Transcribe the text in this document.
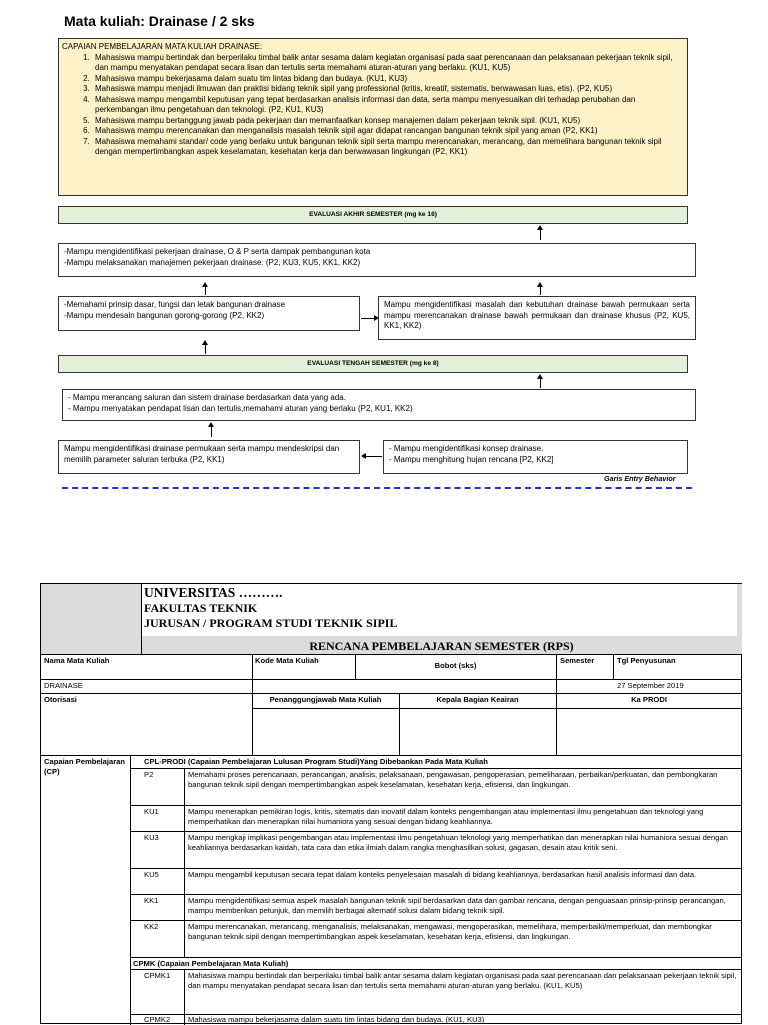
Mata kuliah: Drainase / 2 sks
CAPAIAN PEMBELAJARAN MATA KULIAH DRAINASE:
1. Mahasiswa mampu bertindak dan berperilaku timbal balik antar sesama dalam kegiatan organisasi pada saat perencanaan dan pelaksanaan pekerjaan teknik sipil, dan mampu menyatakan pendapat secara lisan dan tertulis serta memahami aturan-aturan yang berlaku. (KU1, KU5)
2. Mahasiswa mampu bekerjasama dalam suatu tim lintas bidang dan budaya. (KU1, KU3)
3. Mahasiswa mampu menjadi ilmuwan dan praktisi bidang teknik sipil yang professional (kritis, kreatif, sistematis, berwawasan luas, etis). (P2, KU5)
4. Mahasiswa mampu mengambil keputusan yang tepat berdasarkan analisis informasi dan data, serta mampu menyesuaikan diri terhadap perubahan dan perkembangan ilmu pengetahuan dan teknologi. (P2, KU1, KU3)
5. Mahasiswa mampu bertanggung jawab pada pekerjaan dan memanfaatkan konsep manajemen dalam pekerjaan teknik sipil. (KU1, KU5)
6. Mahasiswa mampu merencanakan dan menganalisis masalah teknik sipil agar didapat rancangan bangunan teknik sipil yang aman (P2, KK1)
7. Mahasiswa memahami standar/ code yang berlaku untuk bangunan teknik sipil serta mampu merencanakan, merancang, dan memelihara bangunan teknik sipil dengan mempertimbangkan aspek keselamatan, kesehatan kerja dan berwawasan lingkungan (P2, KK1)
EVALUASI AKHIR SEMESTER (mg ke 16)
-Mampu mengidentifikasi pekerjaan drainase, O & P serta dampak pembangunan kota
-Mampu melaksanakan manajemen pekerjaan drainase. (P2, KU3, KU5, KK1, KK2)
-Memahami prinsip dasar, fungsi dan letak bangunan drainase
-Mampu mendesain bangunan gorong-gorong (P2, KK2)
Mampu mengidentifikasi masalah dan kebutuhan drainase bawah permukaan serta mampu merencanakan drainase bawah permukaan dan drainase khusus (P2, KU5, KK1, KK2)
EVALUASI TENGAH SEMESTER (mg ke 8)
- Mampu merancang saluran dan sistem drainase berdasarkan data yang ada.
- Mampu menyatakan pendapat lisan dan tertulis,memahami aturan yang berlaku (P2, KU1, KK2)
Mampu mengidentifikasi drainase permukaan serta mampu mendeskripsi dan memilih parameter saluran terbuka (P2, KK1)
- Mampu mengidentifikasi konsep drainase.
- Mampu menghitung hujan rencana [P2, KK2]
Garis Entry Behavior
UNIVERSITAS ……….
FAKULTAS TEKNIK
JURUSAN / PROGRAM STUDI TEKNIK SIPIL
RENCANA PEMBELAJARAN SEMESTER (RPS)
Nama Mata Kuliah	Kode Mata Kuliah
Bobot (sks)
Semester	Tgl Penyusunan
DRAINASE	27 September 2019
Otorisasi	Penanggungjawab Mata Kuliah	Kepala Bagian Keairan	Ka PRODI
Capaian Pembelajaran (CP)
CPL-PRODI (Capaian Pembelajaran Lulusan Program Studi)Yang Dibebankan Pada Mata Kuliah
P2	Memahami proses perencanaan, perancangan, analisis, pelaksanaan, pengawasan, pengoperasian, pemeliharaan, perbaikan/perkuatan, dan pembongkaran bangunan teknik sipil dengan mempertimbangkan aspek keselamatan, kesehatan kerja, efisiensi, dan lingkungan.
KU1	Mampu menerapkan pemikiran logis, kritis, sitematis dan inovatif dalam konteks pengembangan atau implementasi ilmu pengetahuan dan teknologi yang memperhatikan dan menerapkan nilai humaniora yang sesuai dengan bidang keahliannya.
KU3	Mampu mengkaji implikasi pengembangan atau implementasi ilmu pengetahuan teknologi yang memperhatikan dan menerapkan nilai humaniora sesuai dengan keahliannya berdasarkan kaidah, tata cara dan etika ilmiah dalam rangka menghasilkan solusi, gagasan, desain atau kritik seni.
KU5	Mampu mengambil keputusan secara tepat dalam konteks penyelesaian masalah di bidang keahliannya, berdasarkan hasil analisis informasi dan data.
KK1	Mampu mengidentifikasi semua aspek masalah bangunan teknik sipil berdasarkan data dan gambar rencana, dengan penguasaan prinsip-prinsip perancangan, mampu memberikan petunjuk, dan memilih berbagai alternatif solusi dalam bidang teknik sipil.
KK2	Mampu merencanakan, merancang, menganalisis, melaksanakan, mengawasi, mengoperasikan, memelihara, memperbaiki/memperkuat, dan membongkar bangunan teknik sipil dengan mempertimbangkan aspek keselamatan, kesehatan kerja, efisiensi, dan lingkungan.
CPMK (Capaian Pembelajaran Mata Kuliah)
CPMK1	Mahasiswa mampu bertindak dan berperilaku timbal balik antar sesama dalam kegiatan organisasi pada saat perencanaan dan pelaksanaan pekerjaan teknik sipil, dan mampu menyatakan pendapat secara lisan dan tertulis serta memahami aturan-aturan yang berlaku. (KU1, KU5)
CPMK2	Mahasiswa mampu bekerjasama dalam suatu tim lintas bidang dan budaya. (KU1, KU3)
